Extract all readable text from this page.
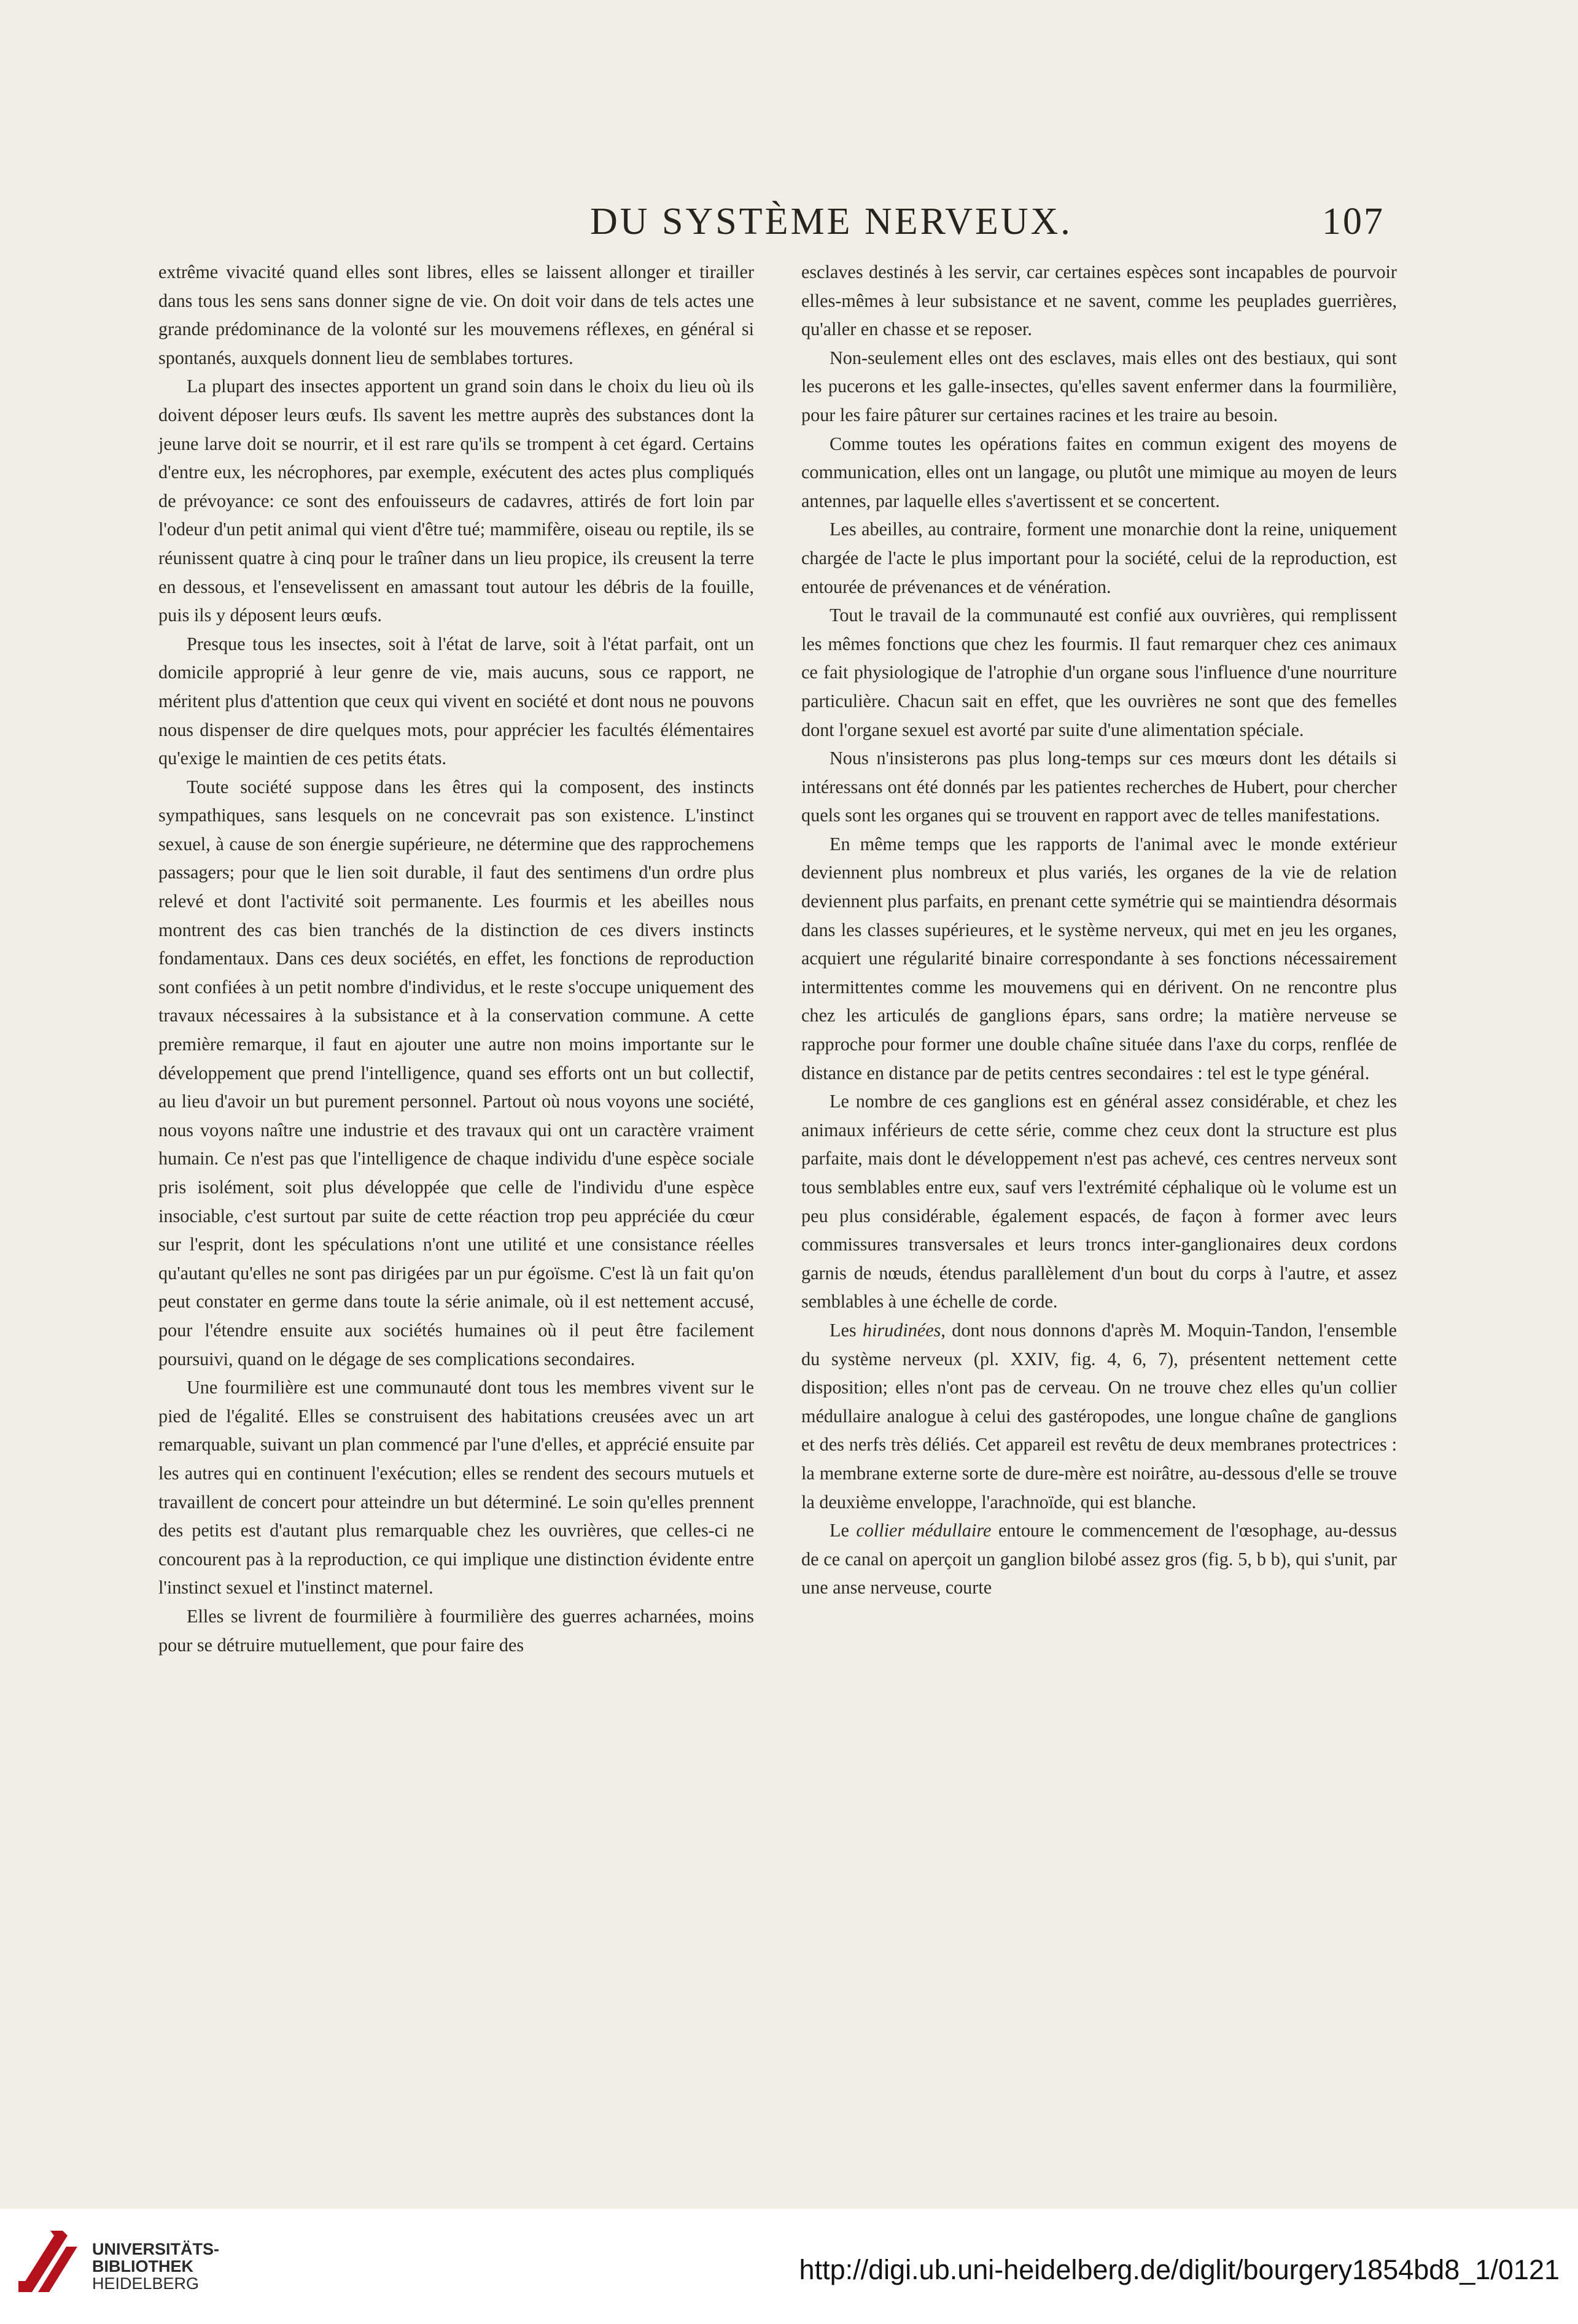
DU SYSTÈME NERVEUX.	107

extrême vivacité quand elles sont libres, elles se laissent allonger et tirailler dans tous les sens sans donner signe de vie. On doit voir dans de tels actes une grande prédominance de la volonté sur les mouvemens réflexes, en général si spontanés, auxquels donnent lieu de semblabes tortures.

La plupart des insectes apportent un grand soin dans le choix du lieu où ils doivent déposer leurs œufs. Ils savent les mettre auprès des substances dont la jeune larve doit se nourrir, et il est rare qu'ils se trompent à cet égard. Certains d'entre eux, les nécrophores, par exemple, exécutent des actes plus compliqués de prévoyance: ce sont des enfouisseurs de cadavres, attirés de fort loin par l'odeur d'un petit animal qui vient d'être tué; mammifère, oiseau ou reptile, ils se réunissent quatre à cinq pour le traîner dans un lieu propice, ils creusent la terre en dessous, et l'ensevelissent en amassant tout autour les débris de la fouille, puis ils y déposent leurs œufs.

Presque tous les insectes, soit à l'état de larve, soit à l'état parfait, ont un domicile approprié à leur genre de vie, mais aucuns, sous ce rapport, ne méritent plus d'attention que ceux qui vivent en société et dont nous ne pouvons nous dispenser de dire quelques mots, pour apprécier les facultés élémentaires qu'exige le maintien de ces petits états.

Toute société suppose dans les êtres qui la composent, des instincts sympathiques, sans lesquels on ne concevrait pas son existence. L'instinct sexuel, à cause de son énergie supérieure, ne détermine que des rapprochemens passagers; pour que le lien soit durable, il faut des sentimens d'un ordre plus relevé et dont l'activité soit permanente. Les fourmis et les abeilles nous montrent des cas bien tranchés de la distinction de ces divers instincts fondamentaux. Dans ces deux sociétés, en effet, les fonctions de reproduction sont confiées à un petit nombre d'individus, et le reste s'occupe uniquement des travaux nécessaires à la subsistance et à la conservation commune. A cette première remarque, il faut en ajouter une autre non moins importante sur le développement que prend l'intelligence, quand ses efforts ont un but collectif, au lieu d'avoir un but purement personnel. Partout où nous voyons une société, nous voyons naître une industrie et des travaux qui ont un caractère vraiment humain. Ce n'est pas que l'intelligence de chaque individu d'une espèce sociale pris isolément, soit plus développée que celle de l'individu d'une espèce insociable, c'est surtout par suite de cette réaction trop peu appréciée du cœur sur l'esprit, dont les spéculations n'ont une utilité et une consistance réelles qu'autant qu'elles ne sont pas dirigées par un pur égoïsme. C'est là un fait qu'on peut constater en germe dans toute la série animale, où il est nettement accusé, pour l'étendre ensuite aux sociétés humaines où il peut être facilement poursuivi, quand on le dégage de ses complications secondaires.

Une fourmilière est une communauté dont tous les membres vivent sur le pied de l'égalité. Elles se construisent des habitations creusées avec un art remarquable, suivant un plan commencé par l'une d'elles, et apprécié ensuite par les autres qui en continuent l'exécution; elles se rendent des secours mutuels et travaillent de concert pour atteindre un but déterminé. Le soin qu'elles prennent des petits est d'autant plus remarquable chez les ouvrières, que celles-ci ne concourent pas à la reproduction, ce qui implique une distinction évidente entre l'instinct sexuel et l'instinct maternel.

Elles se livrent de fourmilière à fourmilière des guerres acharnées, moins pour se détruire mutuellement, que pour faire des

esclaves destinés à les servir, car certaines espèces sont incapables de pourvoir elles-mêmes à leur subsistance et ne savent, comme les peuplades guerrières, qu'aller en chasse et se reposer.

Non-seulement elles ont des esclaves, mais elles ont des bestiaux, qui sont les pucerons et les galle-insectes, qu'elles savent enfermer dans la fourmilière, pour les faire pâturer sur certaines racines et les traire au besoin.

Comme toutes les opérations faites en commun exigent des moyens de communication, elles ont un langage, ou plutôt une mimique au moyen de leurs antennes, par laquelle elles s'avertissent et se concertent.

Les abeilles, au contraire, forment une monarchie dont la reine, uniquement chargée de l'acte le plus important pour la société, celui de la reproduction, est entourée de prévenances et de vénération.

Tout le travail de la communauté est confié aux ouvrières, qui remplissent les mêmes fonctions que chez les fourmis. Il faut remarquer chez ces animaux ce fait physiologique de l'atrophie d'un organe sous l'influence d'une nourriture particulière. Chacun sait en effet, que les ouvrières ne sont que des femelles dont l'organe sexuel est avorté par suite d'une alimentation spéciale.

Nous n'insisterons pas plus long-temps sur ces mœurs dont les détails si intéressans ont été donnés par les patientes recherches de Hubert, pour chercher quels sont les organes qui se trouvent en rapport avec de telles manifestations.

En même temps que les rapports de l'animal avec le monde extérieur deviennent plus nombreux et plus variés, les organes de la vie de relation deviennent plus parfaits, en prenant cette symétrie qui se maintiendra désormais dans les classes supérieures, et le système nerveux, qui met en jeu les organes, acquiert une régularité binaire correspondante à ses fonctions nécessairement intermittentes comme les mouvemens qui en dérivent. On ne rencontre plus chez les articulés de ganglions épars, sans ordre; la matière nerveuse se rapproche pour former une double chaîne située dans l'axe du corps, renflée de distance en distance par de petits centres secondaires : tel est le type général.

Le nombre de ces ganglions est en général assez considérable, et chez les animaux inférieurs de cette série, comme chez ceux dont la structure est plus parfaite, mais dont le développement n'est pas achevé, ces centres nerveux sont tous semblables entre eux, sauf vers l'extrémité céphalique où le volume est un peu plus considérable, également espacés, de façon à former avec leurs commissures transversales et leurs troncs inter-ganglionaires deux cordons garnis de nœuds, étendus parallèlement d'un bout du corps à l'autre, et assez semblables à une échelle de corde.

Les hirudinées, dont nous donnons d'après M. Moquin-Tandon, l'ensemble du système nerveux (pl. XXIV, fig. 4, 6, 7), présentent nettement cette disposition; elles n'ont pas de cerveau. On ne trouve chez elles qu'un collier médullaire analogue à celui des gastéropodes, une longue chaîne de ganglions et des nerfs très déliés. Cet appareil est revêtu de deux membranes protectrices : la membrane externe sorte de dure-mère est noirâtre, au-dessous d'elle se trouve la deuxième enveloppe, l'arachnoïde, qui est blanche.

Le collier médullaire entoure le commencement de l'œsophage, au-dessus de ce canal on aperçoit un ganglion bilobé assez gros (fig. 5, b b), qui s'unit, par une anse nerveuse, courte

UNIVERSITÄTS-
BIBLIOTHEK
HEIDELBERG	http://digi.ub.uni-heidelberg.de/diglit/bourgery1854bd8_1/0121
